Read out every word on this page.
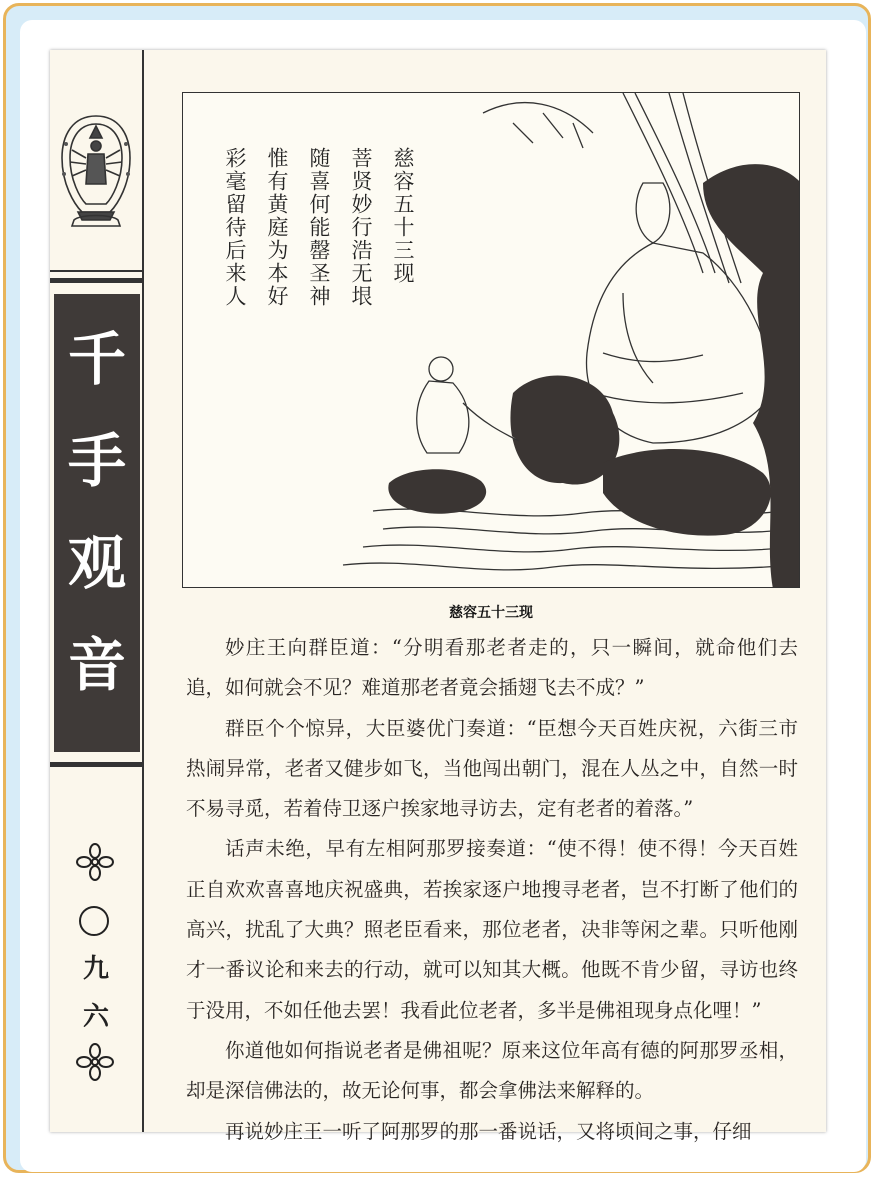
千
手
观
音
九
六
慈容五十三现
菩贤妙行浩无垠
随喜何能罄圣神
惟有黄庭为本好
彩毫留待后来人
慈容五十三现

妙庄王向群臣道：“分明看那老者走的，只一瞬间，就命他们去追，如何就会不见？难道那老者竟会插翅飞去不成？”

群臣个个惊异，大臣婆优门奏道：“臣想今天百姓庆祝，六街三市热闹异常，老者又健步如飞，当他闯出朝门，混在人丛之中，自然一时不易寻觅，若着侍卫逐户挨家地寻访去，定有老者的着落。”

话声未绝，早有左相阿那罗接奏道：“使不得！使不得！今天百姓正自欢欢喜喜地庆祝盛典，若挨家逐户地搜寻老者，岂不打断了他们的高兴，扰乱了大典？照老臣看来，那位老者，决非等闲之辈。只听他刚才一番议论和来去的行动，就可以知其大概。他既不肯少留，寻访也终于没用，不如任他去罢！我看此位老者，多半是佛祖现身点化哩！”

你道他如何指说老者是佛祖呢？原来这位年高有德的阿那罗丞相，却是深信佛法的，故无论何事，都会拿佛法来解释的。

再说妙庄王一听了阿那罗的那一番说话，又将顷间之事，仔细
